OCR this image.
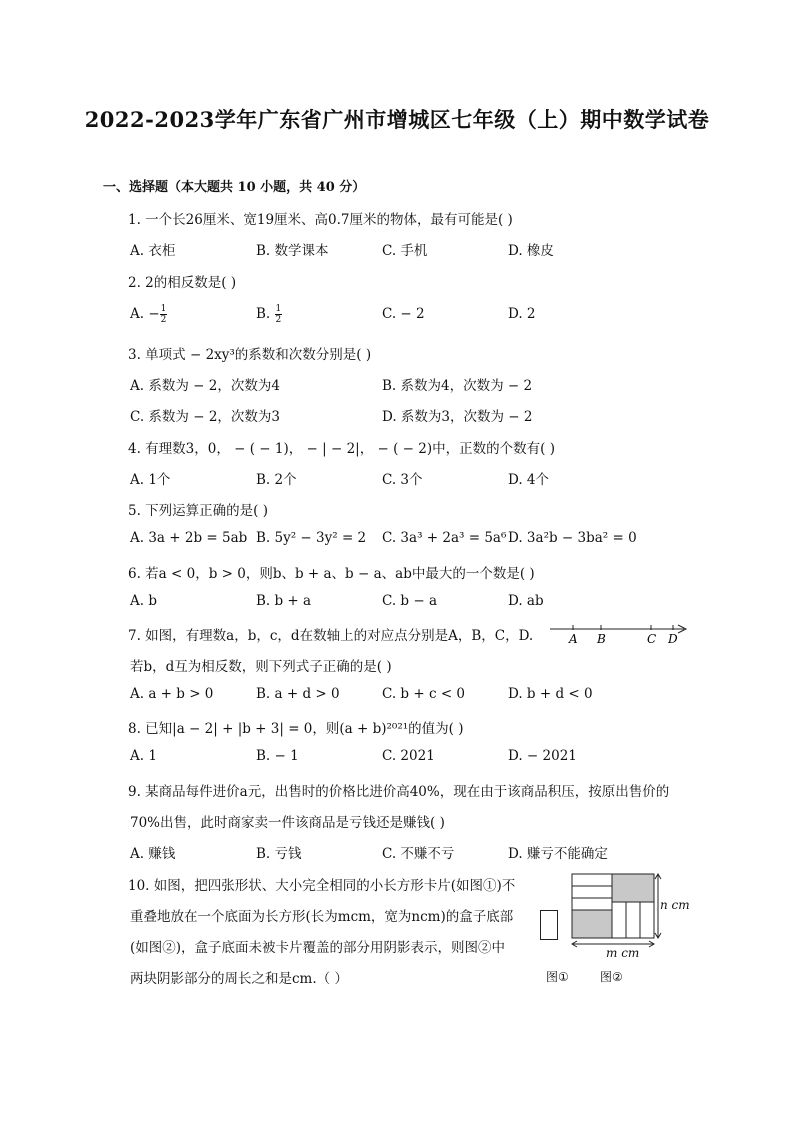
2022-2023学年广东省广州市增城区七年级（上）期中数学试卷
一、选择题（本大题共 10 小题，共 40 分）
1. 一个长26厘米、宽19厘米、高0.7厘米的物体，最有可能是( )
A. 衣柜	B. 数学课本	C. 手机	D. 橡皮
2. 2的相反数是( )
A. − $\frac{1}{2}$	B. $\frac{1}{2}$	C. − 2	D. 2
3. 单项式 − 2xy³的系数和次数分别是( )
A. 系数为 − 2，次数为4	B. 系数为4，次数为 − 2
C. 系数为 − 2，次数为3	D. 系数为3，次数为 − 2
4. 有理数3，0， − ( − 1)， − | − 2|， − ( − 2)中，正数的个数有( )
A. 1个	B. 2个	C. 3个	D. 4个
5. 下列运算正确的是( )
A. 3a + 2b = 5ab B. 5y² − 3y² = 2 C. 3a³ + 2a³ = 5a⁶ D. 3a²b − 3ba² = 0
6. 若a < 0，b > 0，则b、b + a、b − a、ab中最大的一个数是( )
A. b	B. b + a	C. b − a	D. ab
7. 如图，有理数a，b，c，d在数轴上的对应点分别是A，B，C，D.	A B	C D
若b，d互为相反数，则下列式子正确的是( )
A. a + b > 0	B. a + d > 0	C. b + c < 0	D. b + d < 0
8. 已知|a − 2| + |b + 3| = 0，则(a + b)²⁰²¹的值为( )
A. 1	B. − 1	C. 2021	D. − 2021
9. 某商品每件进价a元，出售时的价格比进价高40%，现在由于该商品积压，按原出售价的
70%出售，此时商家卖一件该商品是亏钱还是赚钱( )
A. 赚钱	B. 亏钱	C. 不赚不亏	D. 赚亏不能确定
10. 如图，把四张形状、大小完全相同的小长方形卡片(如图①)不
重叠地放在一个底面为长方形(长为mcm，宽为ncm)的盒子底部
(如图②)，盒子底面未被卡片覆盖的部分用阴影表示，则图②中
两块阴影部分的周长之和是cm.（ ）
n cm
m cm
图①	图②
